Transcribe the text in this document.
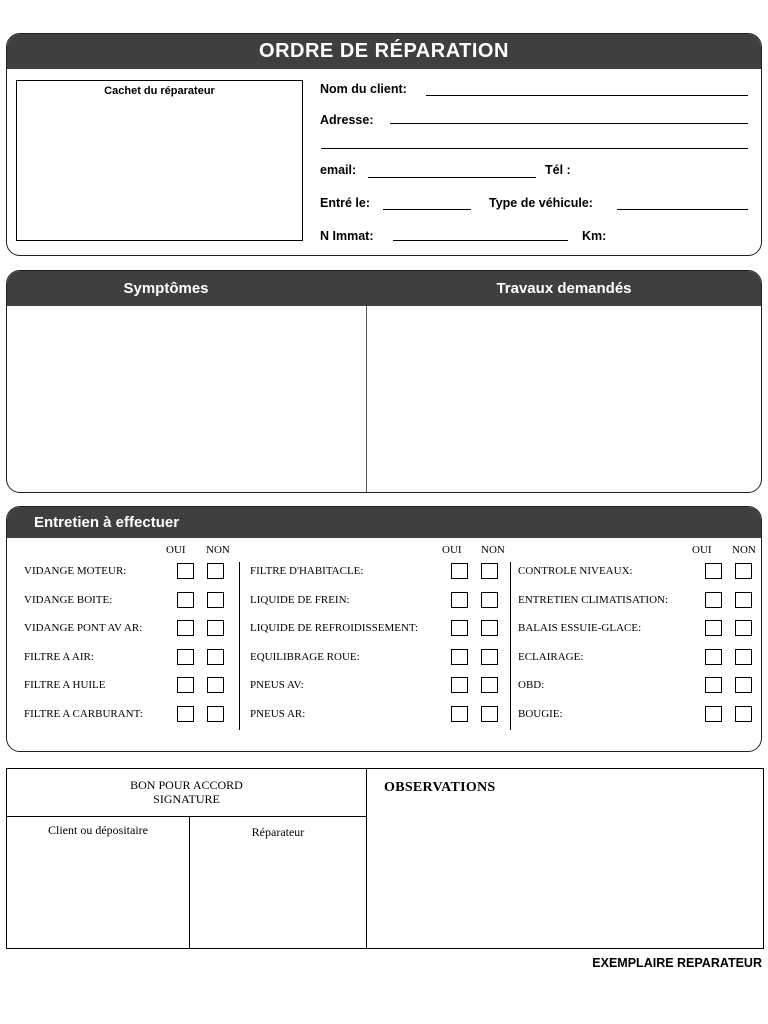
ORDRE DE RÉPARATION
Cachet du réparateur	Nom du client:
Adresse:
email:	Tél :
Entré le:	Type de véhicule:
N Immat:	Km:
Symptômes	Travaux demandés
Entretien à effectuer
OUI NON
VIDANGE MOTEUR:
VIDANGE BOITE:
VIDANGE PONT AV AR:
FILTRE A AIR:
FILTRE A HUILE
FILTRE A CARBURANT:
OUI NON
FILTRE D'HABITACLE:
LIQUIDE DE FREIN:
LIQUIDE DE REFROIDISSEMENT:
EQUILIBRAGE ROUE:
PNEUS AV:
PNEUS AR:
OUI NON
CONTROLE NIVEAUX:
ENTRETIEN CLIMATISATION:
BALAIS ESSUIE-GLACE:
ECLAIRAGE:
OBD:
BOUGIE:
BON POUR ACCORD
SIGNATURE
Client ou dépositaire	Réparateur
OBSERVATIONS
EXEMPLAIRE REPARATEUR
